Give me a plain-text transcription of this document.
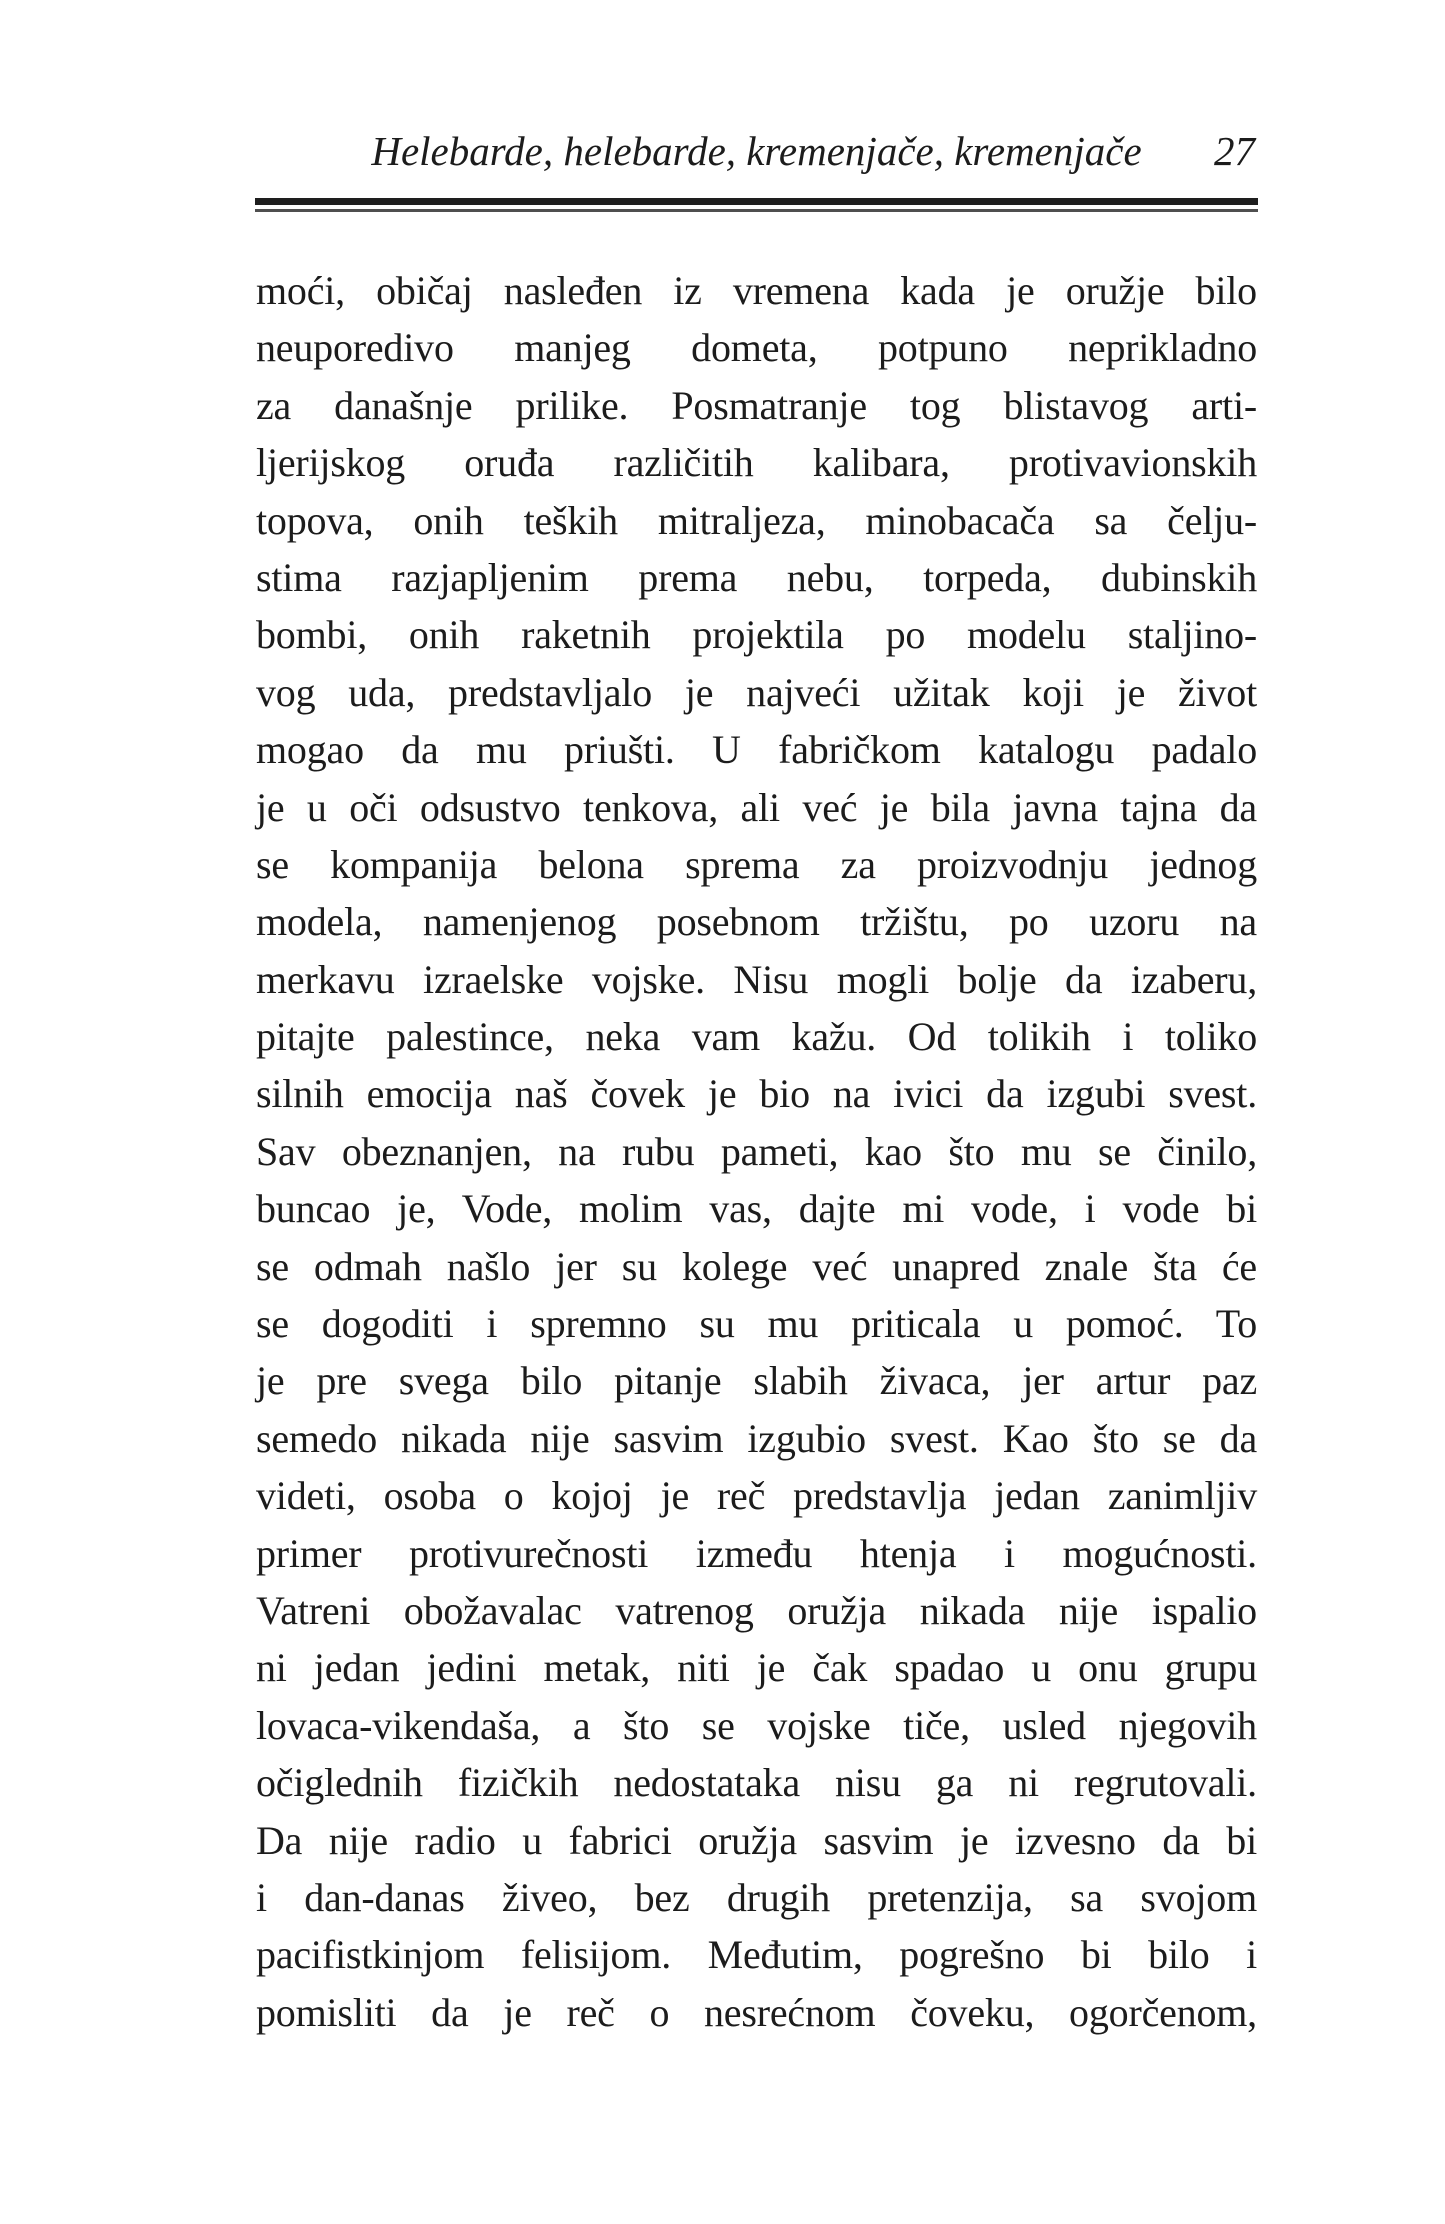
Helebarde, helebarde, kremenjače, kremenjače	27
moći, običaj nasleđen iz vremena kada je oružje bilo
neuporedivo manjeg dometa, potpuno neprikladno
za današnje prilike. Posmatranje tog blistavog arti-
ljerijskog oruđa različitih kalibara, protivavionskih
topova, onih teških mitraljeza, minobacača sa čelju-
stima razjapljenim prema nebu, torpeda, dubinskih
bombi, onih raketnih projektila po modelu staljino-
vog uda, predstavljalo je najveći užitak koji je život
mogao da mu priušti. U fabričkom katalogu padalo
je u oči odsustvo tenkova, ali već je bila javna tajna da
se kompanija belona sprema za proizvodnju jednog
modela, namenjenog posebnom tržištu, po uzoru na
merkavu izraelske vojske. Nisu mogli bolje da izaberu,
pitajte palestince, neka vam kažu. Od tolikih i toliko
silnih emocija naš čovek je bio na ivici da izgubi svest.
Sav obeznanjen, na rubu pameti, kao što mu se činilo,
buncao je, Vode, molim vas, dajte mi vode, i vode bi
se odmah našlo jer su kolege već unapred znale šta će
se dogoditi i spremno su mu priticala u pomoć. To
je pre svega bilo pitanje slabih živaca, jer artur paz
semedo nikada nije sasvim izgubio svest. Kao što se da
videti, osoba o kojoj je reč predstavlja jedan zanimljiv
primer protivurečnosti između htenja i mogućnosti.
Vatreni obožavalac vatrenog oružja nikada nije ispalio
ni jedan jedini metak, niti je čak spadao u onu grupu
lovaca-vikendaša, a što se vojske tiče, usled njegovih
očiglednih fizičkih nedostataka nisu ga ni regrutovali.
Da nije radio u fabrici oružja sasvim je izvesno da bi
i dan-danas živeo, bez drugih pretenzija, sa svojom
pacifistkinjom felisijom. Međutim, pogrešno bi bilo i
pomisliti da je reč o nesrećnom čoveku, ogorčenom,
